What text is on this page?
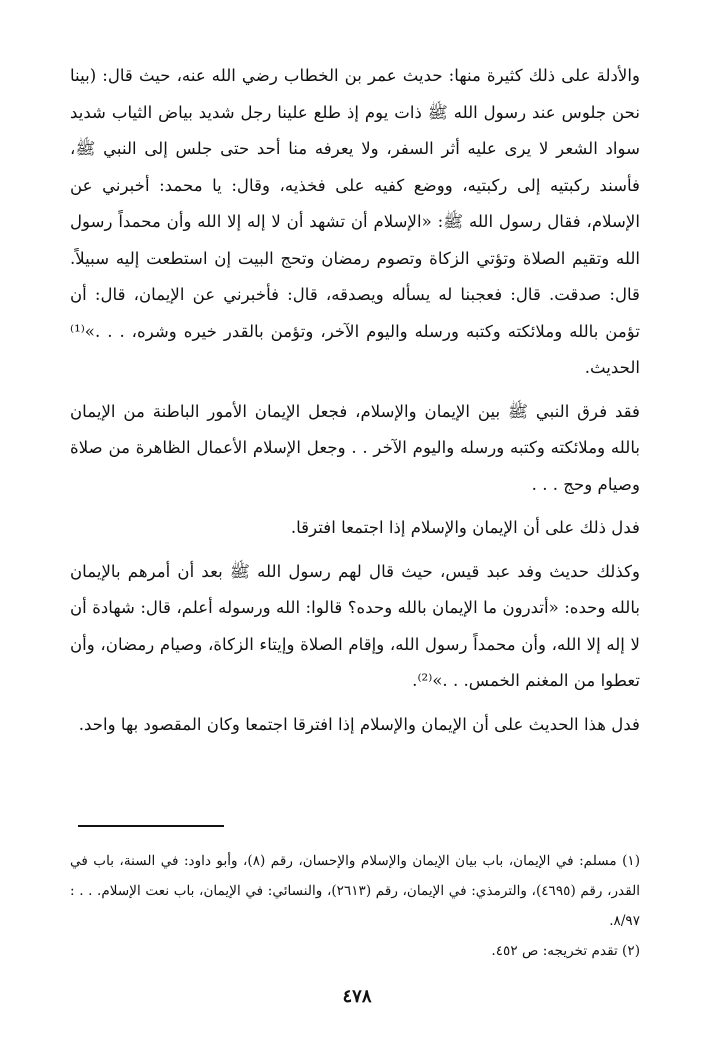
والأدلة على ذلك كثيرة منها: حديث عمر بن الخطاب رضي الله عنه، حيث قال: (بينا نحن جلوس عند رسول الله ﷺ ذات يوم إذ طلع علينا رجل شديد بياض الثياب شديد سواد الشعر لا يرى عليه أثر السفر، ولا يعرفه منا أحد حتى جلس إلى النبي ﷺ، فأسند ركبتيه إلى ركبتيه، ووضع كفيه على فخذيه، وقال: يا محمد: أخبرني عن الإسلام، فقال رسول الله ﷺ: «الإسلام أن تشهد أن لا إله إلا الله وأن محمداً رسول الله وتقيم الصلاة وتؤتي الزكاة وتصوم رمضان وتحج البيت إن استطعت إليه سبيلاً. قال: صدقت. قال: فعجبنا له يسأله ويصدقه، قال: فأخبرني عن الإيمان، قال: أن تؤمن بالله وملائكته وكتبه ورسله واليوم الآخر، وتؤمن بالقدر خيره وشره، . . .»⁽¹⁾ الحديث.

فقد فرق النبي ﷺ بين الإيمان والإسلام، فجعل الإيمان الأمور الباطنة من الإيمان بالله وملائكته وكتبه ورسله واليوم الآخر . . وجعل الإسلام الأعمال الظاهرة من صلاة وصيام وحج . . .

فدل ذلك على أن الإيمان والإسلام إذا اجتمعا افترقا.

وكذلك حديث وفد عبد قيس، حيث قال لهم رسول الله ﷺ بعد أن أمرهم بالإيمان بالله وحده: «أتدرون ما الإيمان بالله وحده؟ قالوا: الله ورسوله أعلم، قال: شهادة أن لا إله إلا الله، وأن محمداً رسول الله، وإقام الصلاة وإيتاء الزكاة، وصيام رمضان، وأن تعطوا من المغنم الخمس. . .»⁽²⁾.

فدل هذا الحديث على أن الإيمان والإسلام إذا افترقا اجتمعا وكان المقصود بها واحد.

(١) مسلم: في الإيمان، باب بيان الإيمان والإسلام والإحسان، رقم (٨)، وأبو داود: في السنة، باب في القدر، رقم (٤٦٩٥)، والترمذي: في الإيمان، رقم (٢٦١٣)، والنسائي: في الإيمان، باب نعت الإسلام. . . : ٨/٩٧.

(٢) تقدم تخريجه: ص ٤٥٢.

٤٧٨
